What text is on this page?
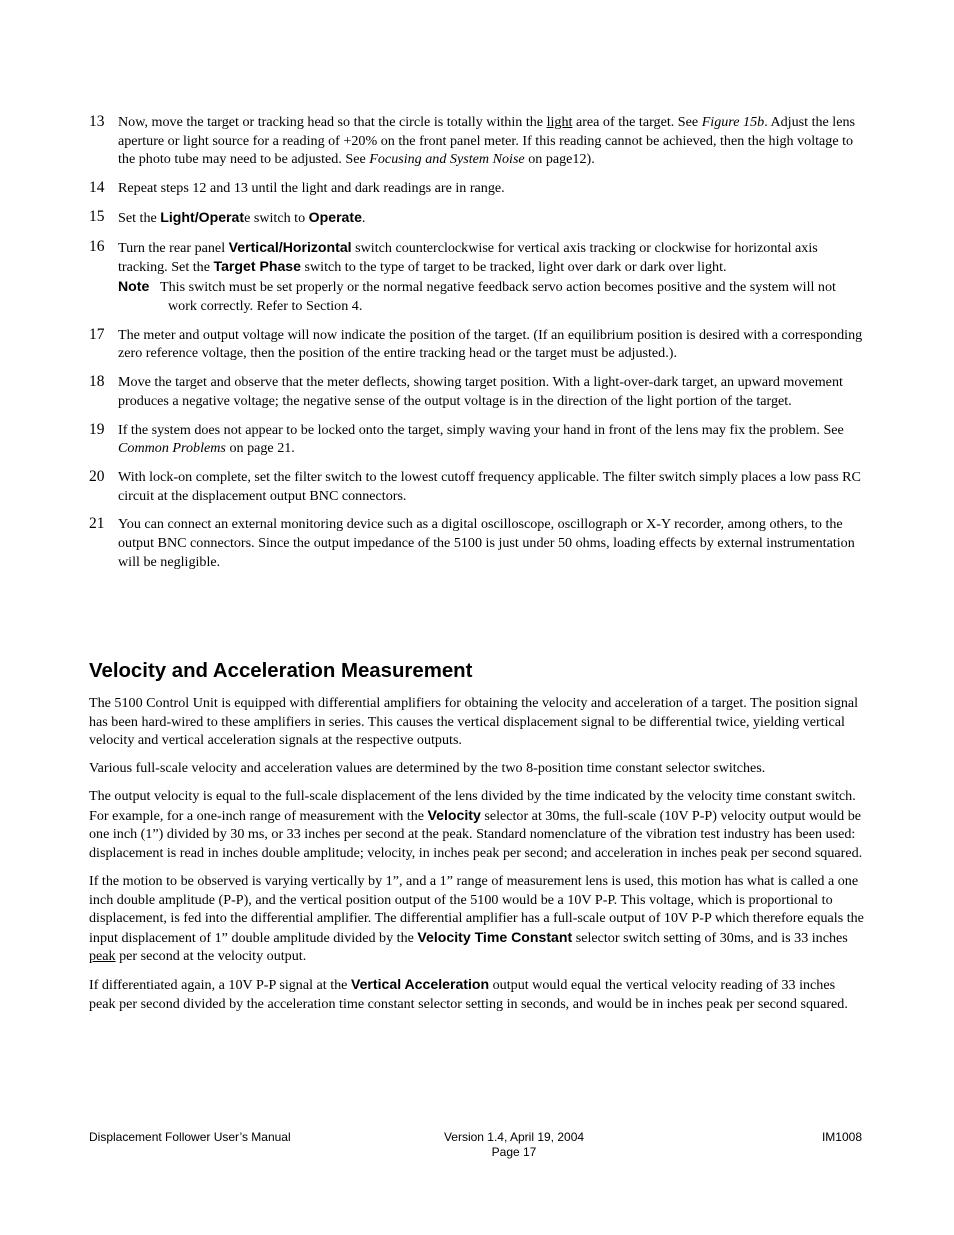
13 Now, move the target or tracking head so that the circle is totally within the light area of the target. See Figure 15b. Adjust the lens aperture or light source for a reading of +20% on the front panel meter. If this reading cannot be achieved, then the high voltage to the photo tube may need to be adjusted. See Focusing and System Noise on page12).
14 Repeat steps 12 and 13 until the light and dark readings are in range.
15 Set the Light/Operate switch to Operate.
16 Turn the rear panel Vertical/Horizontal switch counterclockwise for vertical axis tracking or clockwise for horizontal axis tracking. Set the Target Phase switch to the type of target to be tracked, light over dark or dark over light.
Note This switch must be set properly or the normal negative feedback servo action becomes positive and the system will not work correctly. Refer to Section 4.
17 The meter and output voltage will now indicate the position of the target. (If an equilibrium position is desired with a corresponding zero reference voltage, then the position of the entire tracking head or the target must be adjusted.).
18 Move the target and observe that the meter deflects, showing target position. With a light-over-dark target, an upward movement produces a negative voltage; the negative sense of the output voltage is in the direction of the light portion of the target.
19 If the system does not appear to be locked onto the target, simply waving your hand in front of the lens may fix the problem. See Common Problems on page 21.
20 With lock-on complete, set the filter switch to the lowest cutoff frequency applicable. The filter switch simply places a low pass RC circuit at the displacement output BNC connectors.
21 You can connect an external monitoring device such as a digital oscilloscope, oscillograph or X-Y recorder, among others, to the output BNC connectors. Since the output impedance of the 5100 is just under 50 ohms, loading effects by external instrumentation will be negligible.
Velocity and Acceleration Measurement

The 5100 Control Unit is equipped with differential amplifiers for obtaining the velocity and acceleration of a target. The position signal has been hard-wired to these amplifiers in series. This causes the vertical displacement signal to be differential twice, yielding vertical velocity and vertical acceleration signals at the respective outputs.

Various full-scale velocity and acceleration values are determined by the two 8-position time constant selector switches.

The output velocity is equal to the full-scale displacement of the lens divided by the time indicated by the velocity time constant switch. For example, for a one-inch range of measurement with the Velocity selector at 30ms, the full-scale (10V P-P) velocity output would be one inch (1”) divided by 30 ms, or 33 inches per second at the peak. Standard nomenclature of the vibration test industry has been used: displacement is read in inches double amplitude; velocity, in inches peak per second; and acceleration in inches peak per second squared.

If the motion to be observed is varying vertically by 1”, and a 1” range of measurement lens is used, this motion has what is called a one inch double amplitude (P-P), and the vertical position output of the 5100 would be a 10V P-P. This voltage, which is proportional to displacement, is fed into the differential amplifier. The differential amplifier has a full-scale output of 10V P-P which therefore equals the input displacement of 1” double amplitude divided by the Velocity Time Constant selector switch setting of 30ms, and is 33 inches peak per second at the velocity output.

If differentiated again, a 10V P-P signal at the Vertical Acceleration output would equal the vertical velocity reading of 33 inches peak per second divided by the acceleration time constant selector setting in seconds, and would be in inches peak per second squared.

Displacement Follower User’s Manual	Version 1.4, April 19, 2004
Page 17
IM1008
